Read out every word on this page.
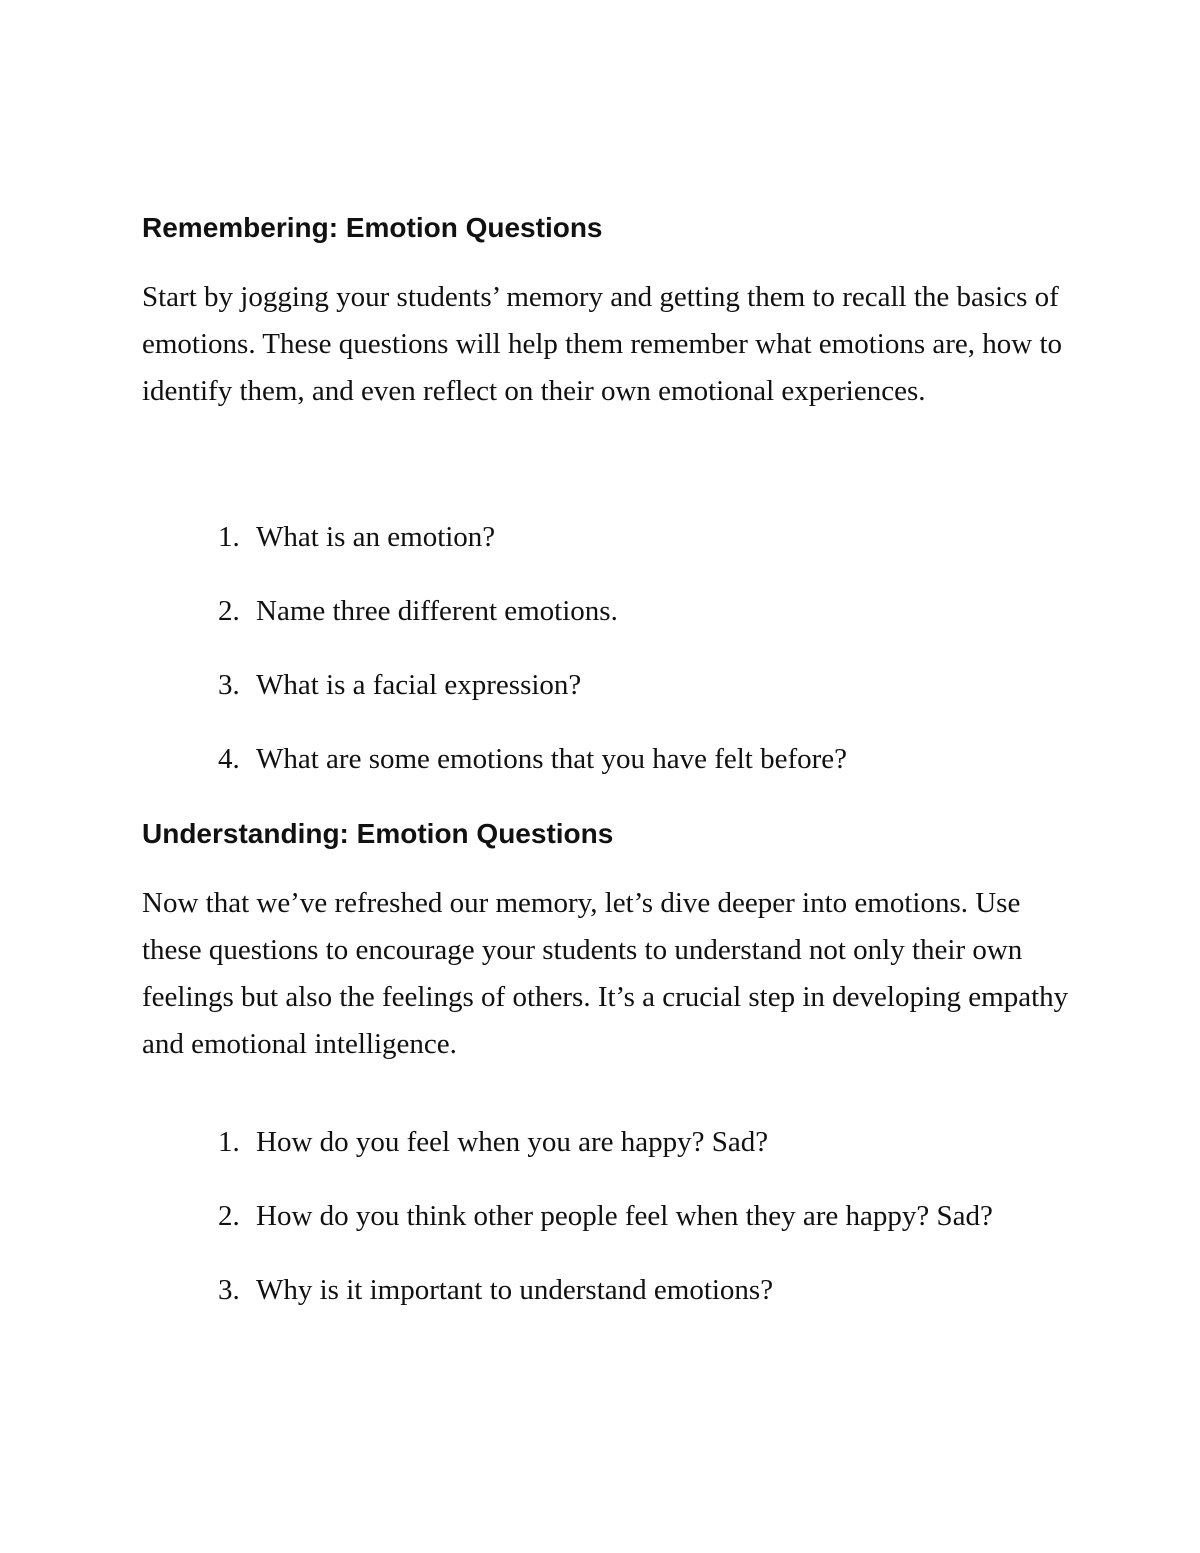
Remembering: Emotion Questions

Start by jogging your students’ memory and getting them to recall the basics of emotions. These questions will help them remember what emotions are, how to identify them, and even reflect on their own emotional experiences.

1. What is an emotion?
2. Name three different emotions.
3. What is a facial expression?
4. What are some emotions that you have felt before?
Understanding: Emotion Questions

Now that we’ve refreshed our memory, let’s dive deeper into emotions. Use these questions to encourage your students to understand not only their own feelings but also the feelings of others. It’s a crucial step in developing empathy and emotional intelligence.

1. How do you feel when you are happy? Sad?
2. How do you think other people feel when they are happy? Sad?
3. Why is it important to understand emotions?
